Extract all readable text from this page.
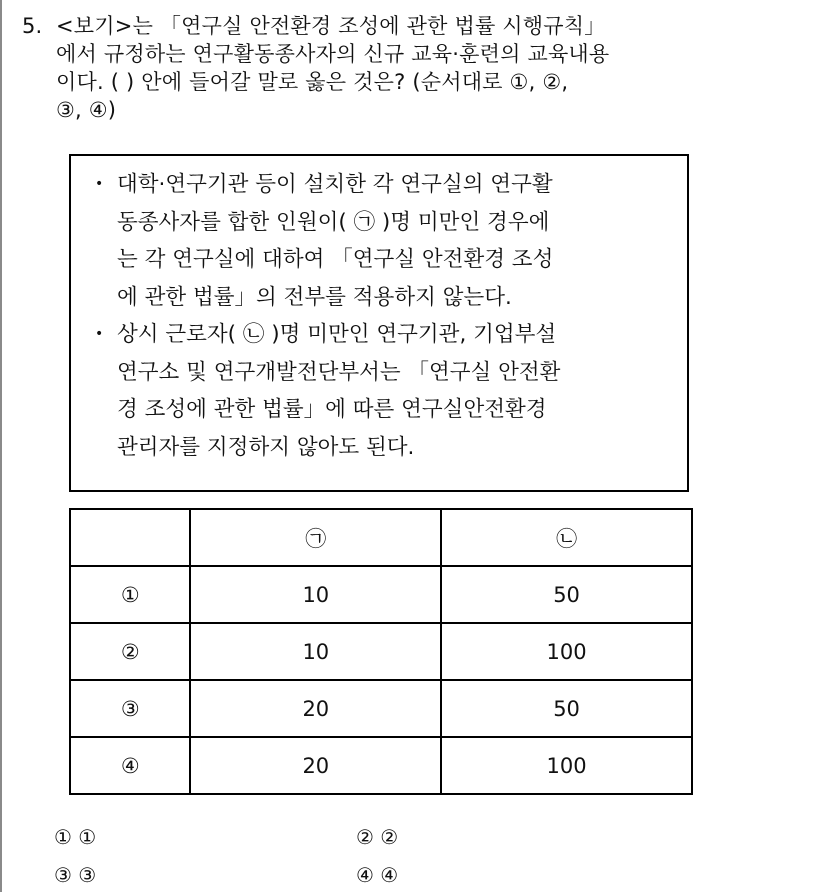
5. <보기>는 「연구실 안전환경 조성에 관한 법률 시행규칙」
에서 규정하는 연구활동종사자의 신규 교육·훈련의 교육내용
이다. ( ) 안에 들어갈 말로 옳은 것은? (순서대로 ①, ②,
③, ④)
• 대학·연구기관 등이 설치한 각 연구실의 연구활
동종사자를 합한 인원이( ㉠ )명 미만인 경우에
는 각 연구실에 대하여 「연구실 안전환경 조성
에 관한 법률」의 전부를 적용하지 않는다.
• 상시 근로자( ㉡ )명 미만인 연구기관, 기업부설
연구소 및 연구개발전단부서는 「연구실 안전환
경 조성에 관한 법률」에 따른 연구실안전환경
관리자를 지정하지 않아도 된다.
	㉠	㉡
①	10	50
②	10	100
③	20	50
④	20	100
① ①	② ②
③ ③	④ ④
